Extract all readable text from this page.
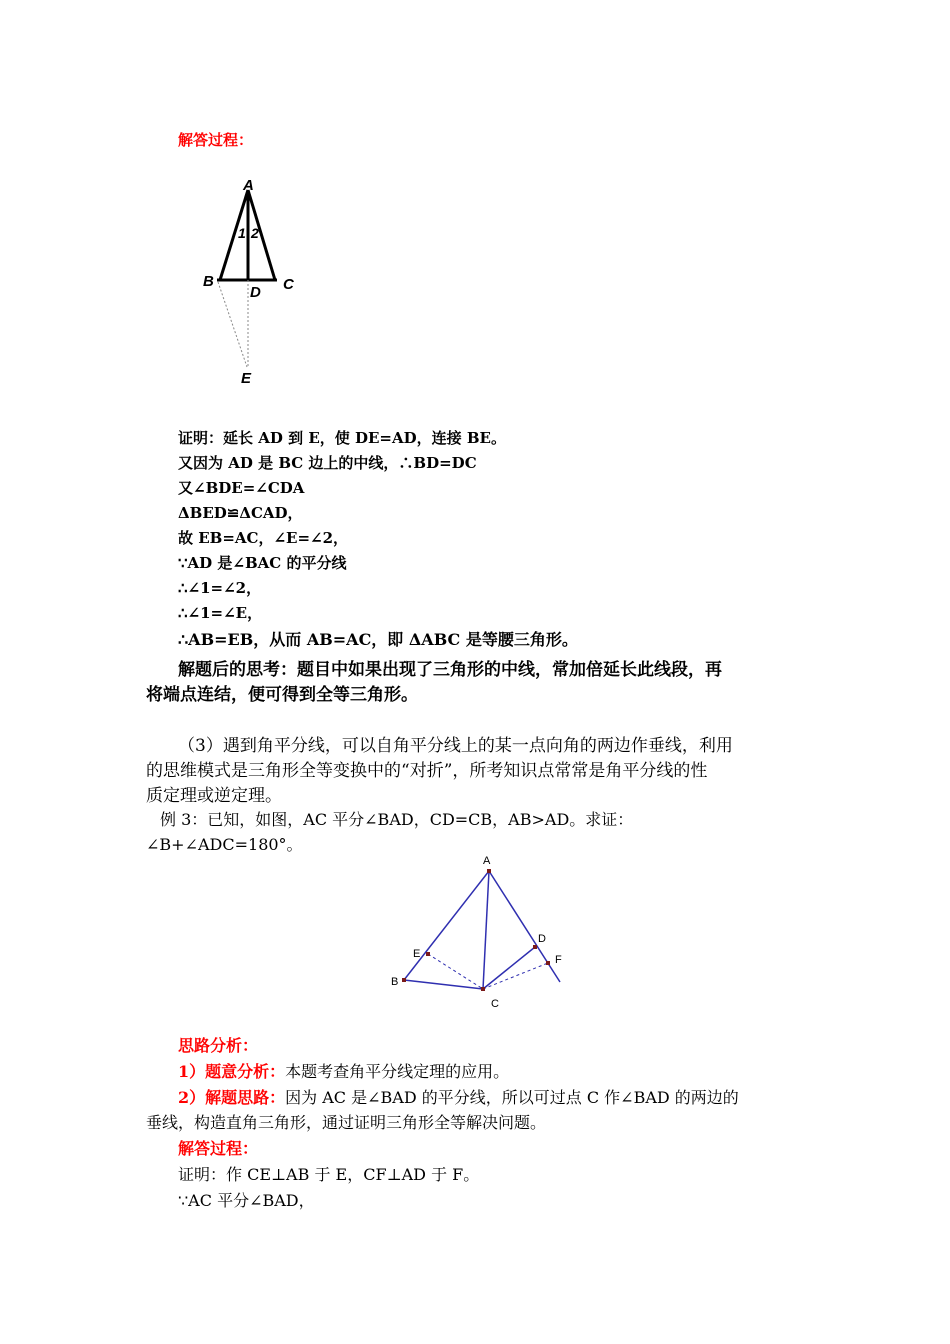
解答过程：
A
1 2
B	C
D
E
证明：延长 AD 到 E，使 DE=AD，连接 BE。
又因为 AD 是 BC 边上的中线，∴BD=DC
又∠BDE=∠CDA
ΔBED≌ΔCAD，
故 EB=AC，∠E=∠2，
∵AD 是∠BAC 的平分线
∴∠1=∠2，
∴∠1=∠E，
∴AB=EB，从而 AB=AC，即 ΔABC 是等腰三角形。
解题后的思考：题目中如果出现了三角形的中线，常加倍延长此线段，再
将端点连结，便可得到全等三角形。
（3）遇到角平分线，可以自角平分线上的某一点向角的两边作垂线，利用
的思维模式是三角形全等变换中的“对折”，所考知识点常常是角平分线的性
质定理或逆定理。
例 3：已知，如图，AC 平分∠BAD，CD=CB，AB>AD。求证：
∠B+∠ADC=180°。
A
B
C
D
E	F
思路分析：
1）题意分析：本题考查角平分线定理的应用。
2）解题思路：因为 AC 是∠BAD 的平分线，所以可过点 C 作∠BAD 的两边的
垂线，构造直角三角形，通过证明三角形全等解决问题。
解答过程：
证明：作 CE⊥AB 于 E，CF⊥AD 于 F。
∵AC 平分∠BAD，
